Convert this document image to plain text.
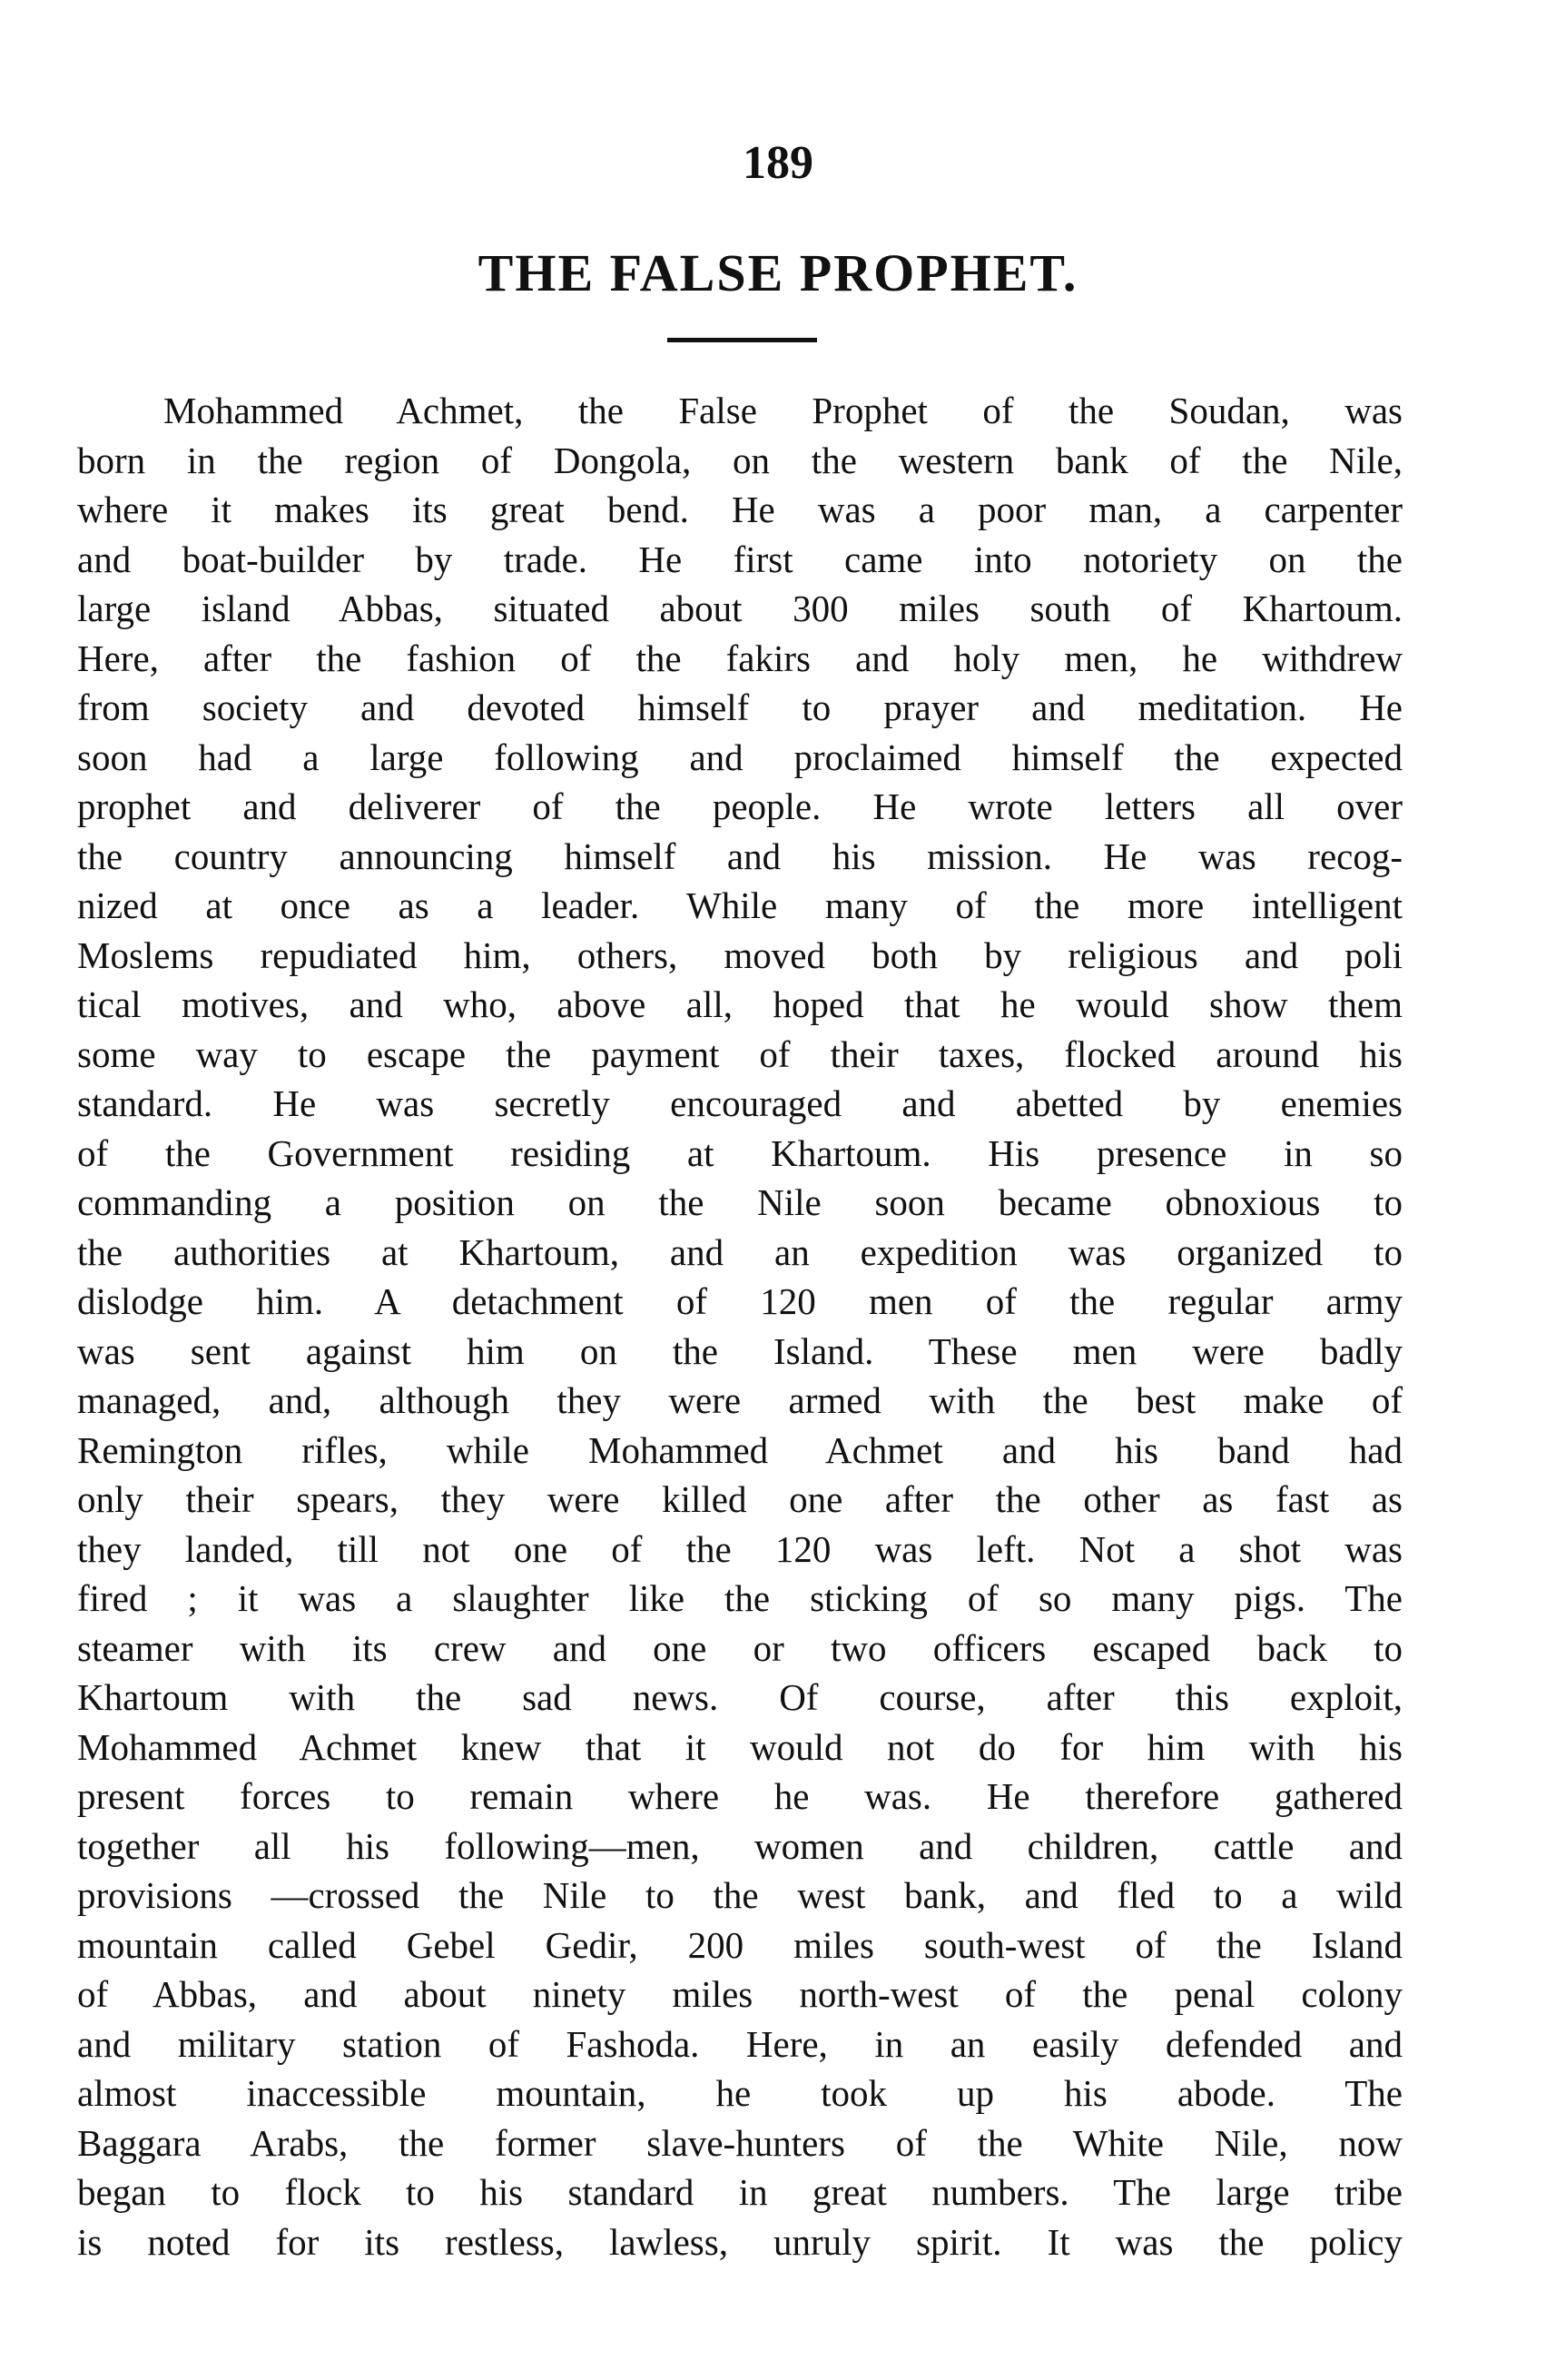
189
THE FALSE PROPHET.
Mohammed Achmet, the False Prophet of the Soudan, was
born in the region of Dongola, on the western bank of the Nile,
where it makes its great bend. He was a poor man, a carpenter
and boat-builder by trade. He first came into notoriety on the
large island Abbas, situated about 300 miles south of Khartoum.
Here, after the fashion of the fakirs and holy men, he withdrew
from society and devoted himself to prayer and meditation. He
soon had a large following and proclaimed himself the expected
prophet and deliverer of the people. He wrote letters all over
the country announcing himself and his mission. He was recog-
nized at once as a leader. While many of the more intelligent
Moslems repudiated him, others, moved both by religious and poli
tical motives, and who, above all, hoped that he would show them
some way to escape the payment of their taxes, flocked around his
standard. He was secretly encouraged and abetted by enemies
of the Government residing at Khartoum. His presence in so
commanding a position on the Nile soon became obnoxious to
the authorities at Khartoum, and an expedition was organized to
dislodge him. A detachment of 120 men of the regular army
was sent against him on the Island. These men were badly
managed, and, although they were armed with the best make of
Remington rifles, while Mohammed Achmet and his band had
only their spears, they were killed one after the other as fast as
they landed, till not one of the 120 was left. Not a shot was
fired ; it was a slaughter like the sticking of so many pigs. The
steamer with its crew and one or two officers escaped back to
Khartoum with the sad news. Of course, after this exploit,
Mohammed Achmet knew that it would not do for him with his
present forces to remain where he was. He therefore gathered
together all his following—men, women and children, cattle and
provisions —crossed the Nile to the west bank, and fled to a wild
mountain called Gebel Gedir, 200 miles south-west of the Island
of Abbas, and about ninety miles north-west of the penal colony
and military station of Fashoda. Here, in an easily defended and
almost inaccessible mountain, he took up his abode. The
Baggara Arabs, the former slave-hunters of the White Nile, now
began to flock to his standard in great numbers. The large tribe
is noted for its restless, lawless, unruly spirit. It was the policy
